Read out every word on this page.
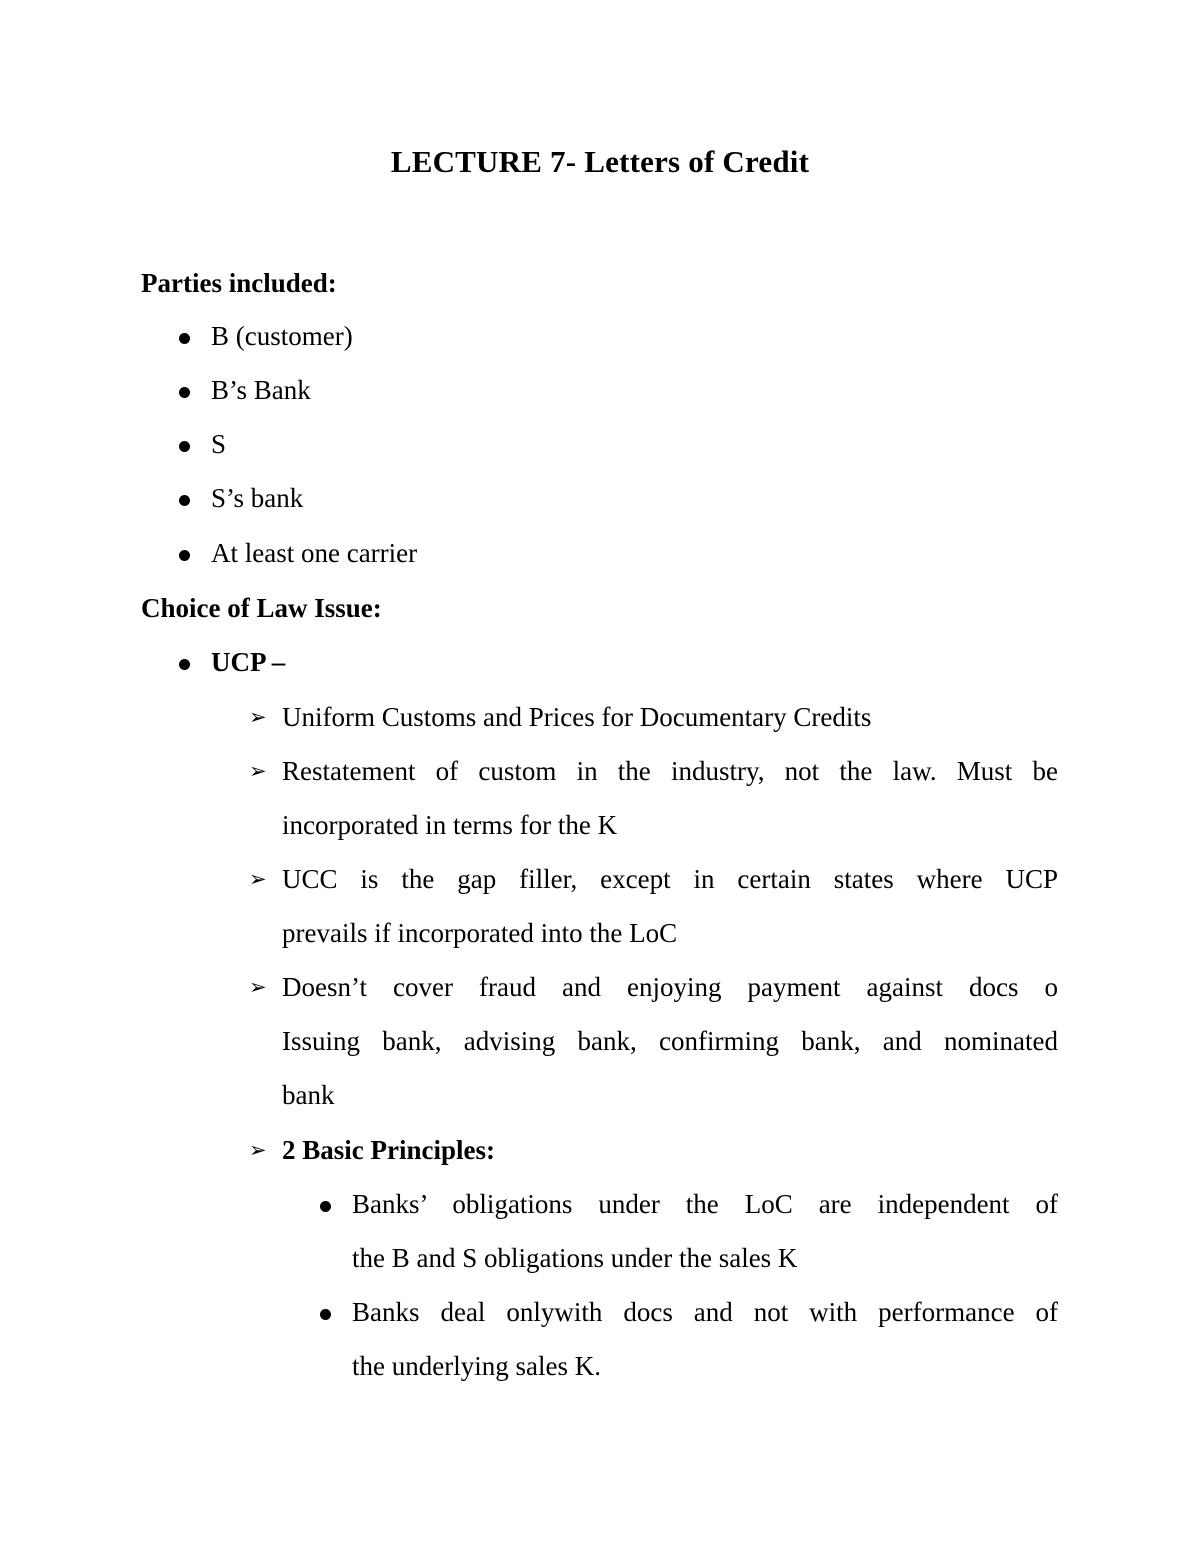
LECTURE 7- Letters of Credit
Parties included:
B (customer)
B’s Bank
S
S’s bank
At least one carrier
Choice of Law Issue:
UCP –
➢ Uniform Customs and Prices for Documentary Credits
➢ Restatement of custom in the industry, not the law. Must be
incorporated in terms for the K
➢ UCC is the gap filler, except in certain states where UCP
prevails if incorporated into the LoC
➢ Doesn’t cover fraud and enjoying payment against docs o
Issuing bank, advising bank, confirming bank, and nominated
bank
➢ 2 Basic Principles:
Banks’ obligations under the LoC are independent of
the B and S obligations under the sales K
Banks deal onlywith docs and not with performance of
the underlying sales K.
